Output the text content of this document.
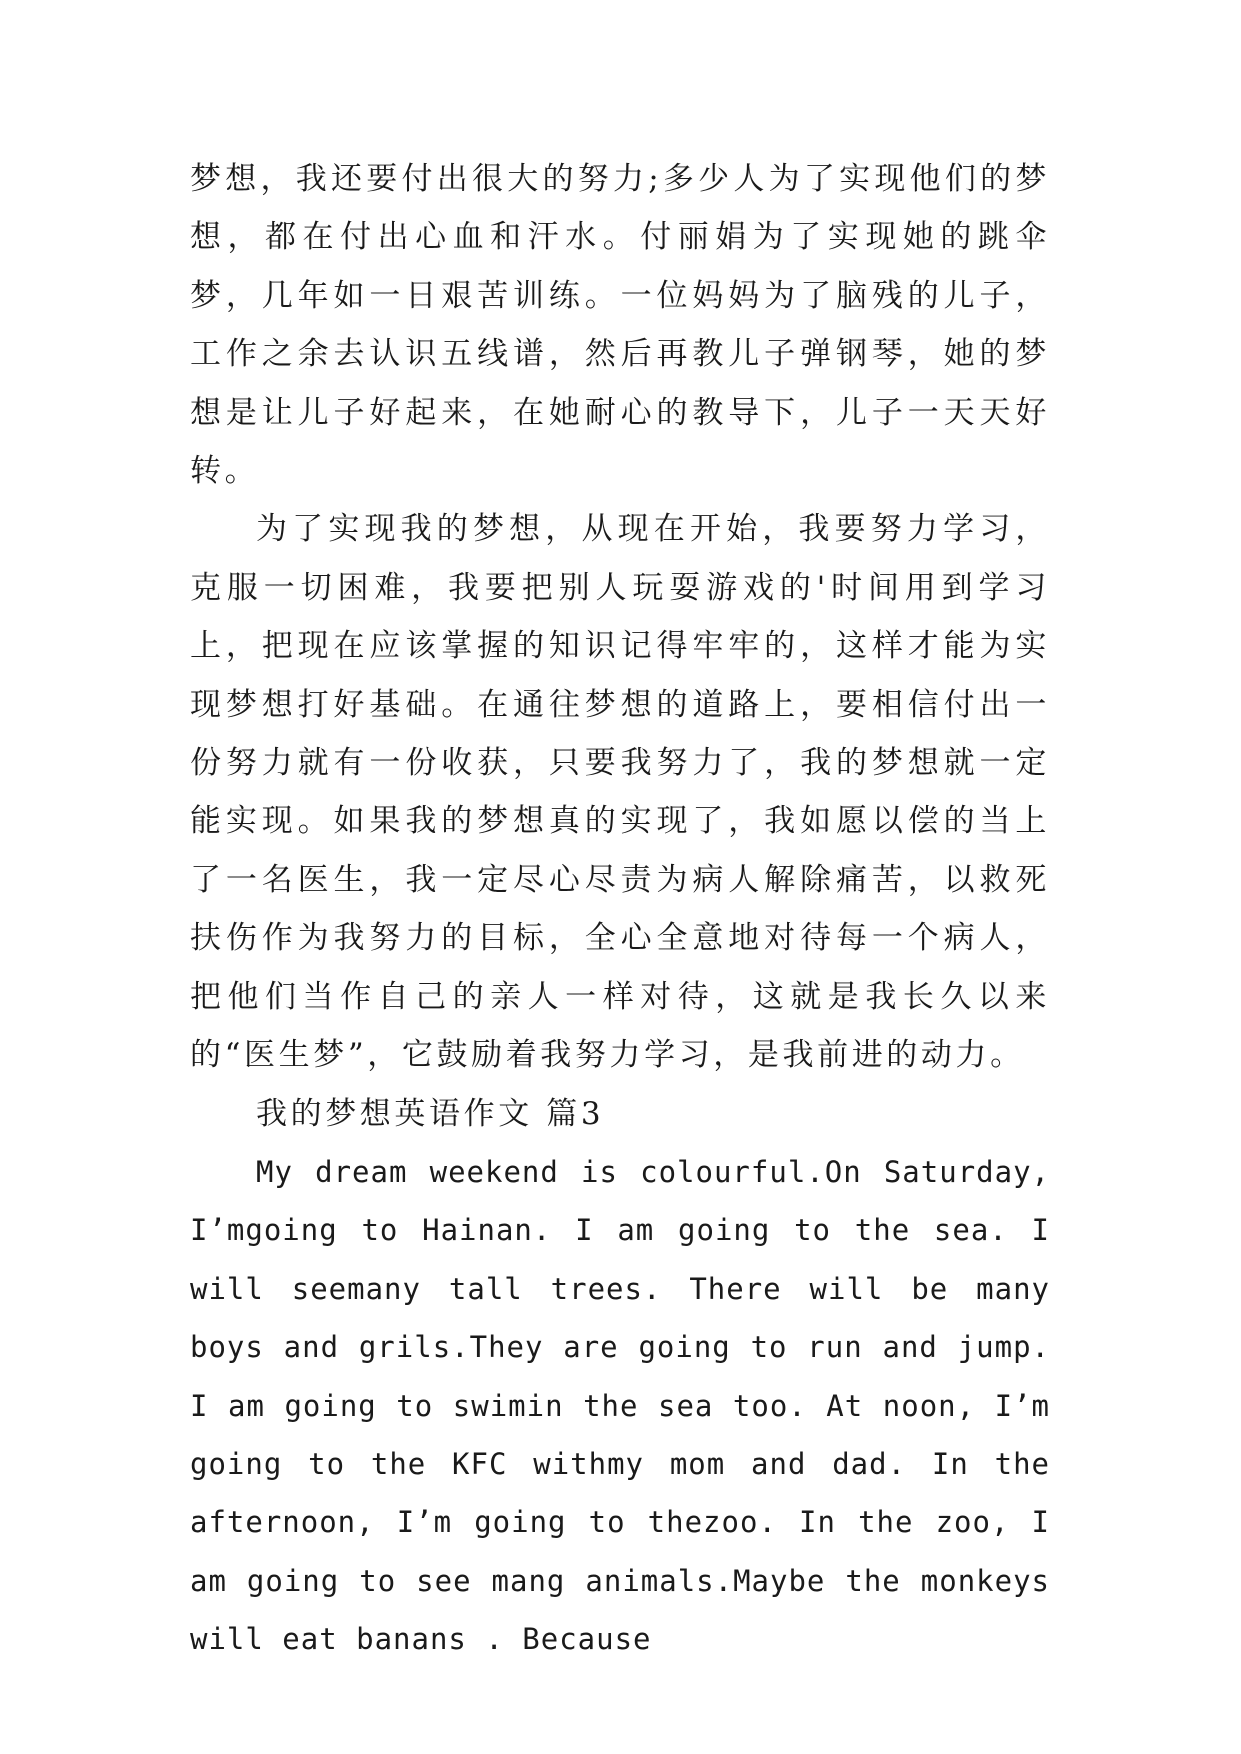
梦想，我还要付出很大的努力;多少人为了实现他们的梦想，都在付出心血和汗水。付丽娟为了实现她的跳伞梦，几年如一日艰苦训练。一位妈妈为了脑残的儿子，工作之余去认识五线谱，然后再教儿子弹钢琴，她的梦想是让儿子好起来，在她耐心的教导下，儿子一天天好转。

为了实现我的梦想，从现在开始，我要努力学习，克服一切困难，我要把别人玩耍游戏的'时间用到学习上，把现在应该掌握的知识记得牢牢的，这样才能为实现梦想打好基础。在通往梦想的道路上，要相信付出一份努力就有一份收获，只要我努力了，我的梦想就一定能实现。如果我的梦想真的实现了，我如愿以偿的当上了一名医生，我一定尽心尽责为病人解除痛苦，以救死扶伤作为我努力的目标，全心全意地对待每一个病人，把他们当作自己的亲人一样对待，这就是我长久以来的“医生梦”，它鼓励着我努力学习，是我前进的动力。

我的梦想英语作文 篇3

My dream weekend is colourful.On Saturday, I’mgoing to Hainan. I am going to the sea. I will seemany tall trees. There will be many boys and grils.They are going to run and jump. I am going to swimin the sea too. At noon, I’m going to the KFC withmy mom and dad. In the afternoon, I’m going to thezoo. In the zoo, I am going to see mang animals.Maybe the monkeys will eat banans . Because
